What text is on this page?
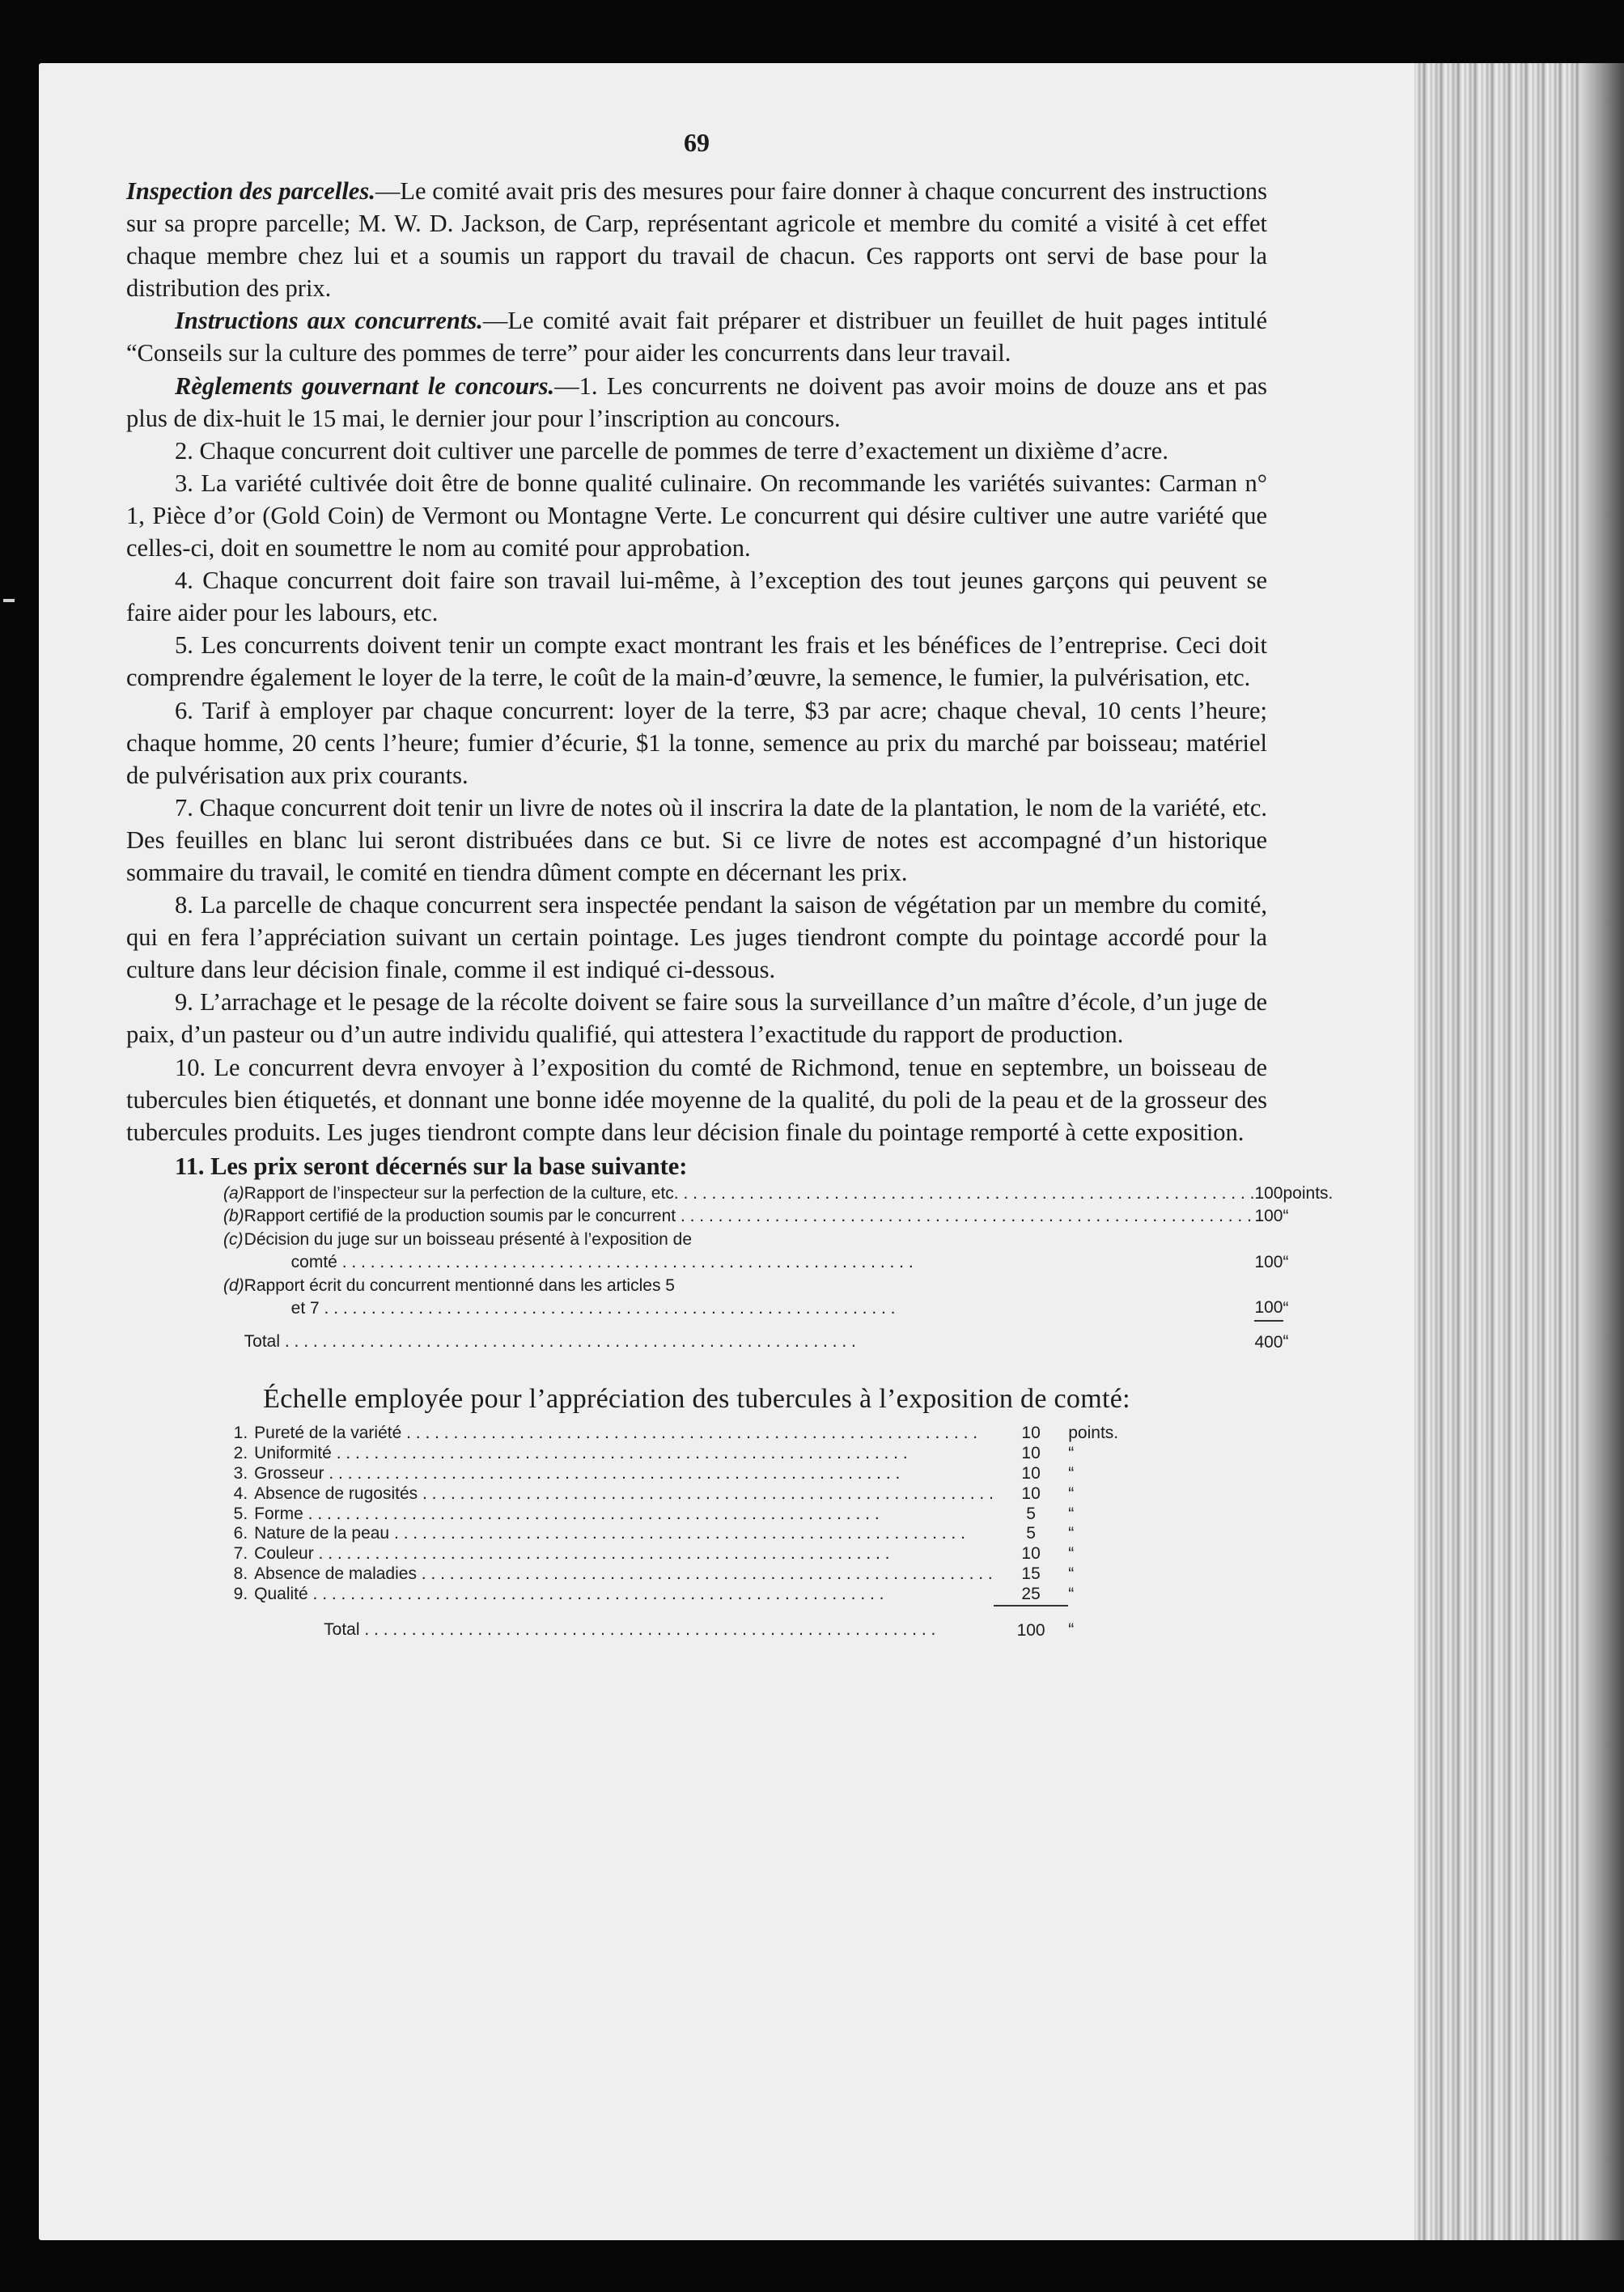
69

Inspection des parcelles.—Le comité avait pris des mesures pour faire donner à chaque concurrent des instructions sur sa propre parcelle; M. W. D. Jackson, de Carp, représentant agricole et membre du comité a visité à cet effet chaque membre chez lui et a soumis un rapport du travail de chacun. Ces rapports ont servi de base pour la distribution des prix.

Instructions aux concurrents.—Le comité avait fait préparer et distribuer un feuillet de huit pages intitulé “Conseils sur la culture des pommes de terre” pour aider les concurrents dans leur travail.

Règlements gouvernant le concours.—1. Les concurrents ne doivent pas avoir moins de douze ans et pas plus de dix-huit le 15 mai, le dernier jour pour l’inscription au concours.

2. Chaque concurrent doit cultiver une parcelle de pommes de terre d’exactement un dixième d’acre.

3. La variété cultivée doit être de bonne qualité culinaire. On recommande les variétés suivantes: Carman n° 1, Pièce d’or (Gold Coin) de Vermont ou Montagne Verte. Le concurrent qui désire cultiver une autre variété que celles-ci, doit en soumettre le nom au comité pour approbation.

4. Chaque concurrent doit faire son travail lui-même, à l’exception des tout jeunes garçons qui peuvent se faire aider pour les labours, etc.

5. Les concurrents doivent tenir un compte exact montrant les frais et les bénéfices de l’entreprise. Ceci doit comprendre également le loyer de la terre, le coût de la main-d’œuvre, la semence, le fumier, la pulvérisation, etc.

6. Tarif à employer par chaque concurrent: loyer de la terre, $3 par acre; chaque cheval, 10 cents l’heure; chaque homme, 20 cents l’heure; fumier d’écurie, $1 la tonne, semence au prix du marché par boisseau; matériel de pulvérisation aux prix courants.

7. Chaque concurrent doit tenir un livre de notes où il inscrira la date de la plantation, le nom de la variété, etc. Des feuilles en blanc lui seront distribuées dans ce but. Si ce livre de notes est accompagné d’un historique sommaire du travail, le comité en tiendra dûment compte en décernant les prix.

8. La parcelle de chaque concurrent sera inspectée pendant la saison de végétation par un membre du comité, qui en fera l’appréciation suivant un certain pointage. Les juges tiendront compte du pointage accordé pour la culture dans leur décision finale, comme il est indiqué ci-dessous.

9. L’arrachage et le pesage de la récolte doivent se faire sous la surveillance d’un maître d’école, d’un juge de paix, d’un pasteur ou d’un autre individu qualifié, qui attestera l’exactitude du rapport de production.

10. Le concurrent devra envoyer à l’exposition du comté de Richmond, tenue en septembre, un boisseau de tubercules bien étiquetés, et donnant une bonne idée moyenne de la qualité, du poli de la peau et de la grosseur des tubercules produits. Les juges tiendront compte dans leur décision finale du pointage remporté à cette exposition.

11. Les prix seront décernés sur la base suivante:

(a)	Rapport de l’inspecteur sur la perfection de la culture, etc. . . .	100	points.
(b)	Rapport certifié de la production soumis par le concurrent . . .	100	“
(c)	Décision du juge sur un boisseau présenté à l’exposition de
comté . . .	100	“
(d)	Rapport écrit du concurrent mentionné dans les articles 5
et 7 . . .	100	“

	Total . . .	400	“
Échelle employée pour l’appréciation des tubercules à l’exposition de comté:
1.	Pureté de la variété . . .	10	points.
2.	Uniformité . . .	10	“
3.	Grosseur . . .	10	“
4.	Absence de rugosités . . .	10	“
5.	Forme . . .	5	“
6.	Nature de la peau . . .	5	“
7.	Couleur . . .	10	“
8.	Absence de maladies . . .	15	“
9.	Qualité . . .	25	“

	Total . . .	100	“
